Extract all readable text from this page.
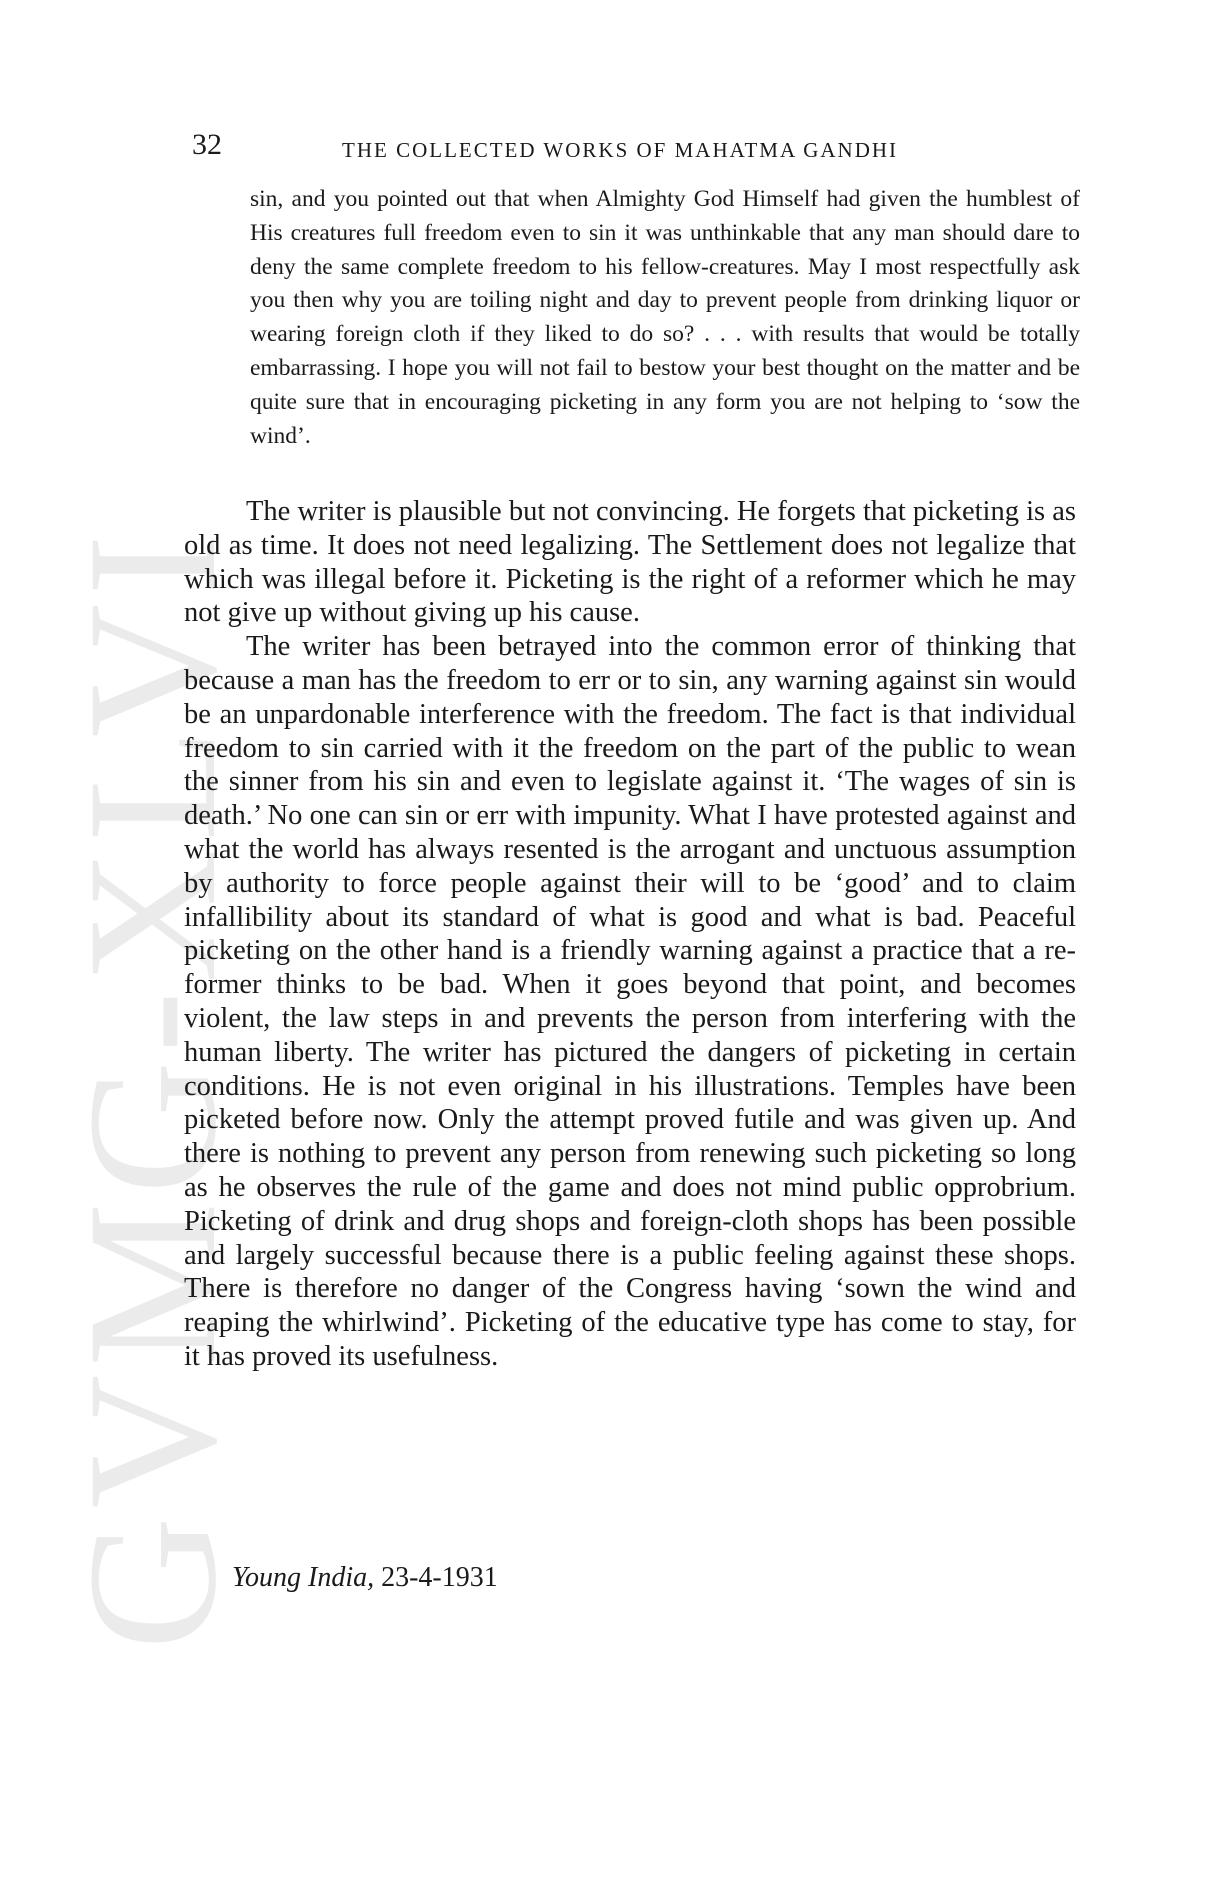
GVMG-XLVI
32	THE COLLECTED WORKS OF MAHATMA GANDHI

sin, and you pointed out that when Almighty God Himself had given the humblest of His creatures full freedom even to sin it was unthinkable that any man should dare to deny the same complete freedom to his fellow-creatures. May I most respectfully ask you then why you are toiling night and day to prevent people from drinking liquor or wearing foreign cloth if they liked to do so? . . . with results that would be totally embarrassing. I hope you will not fail to bestow your best thought on the matter and be quite sure that in encouraging picketing in any form you are not helping to ‘sow the wind’.

The writer is plausible but not convincing. He forgets that picketing is as old as time. It does not need legalizing. The Settlement does not legalize that which was illegal before it. Picketing is the right of a reformer which he may not give up without giving up his cause.

The writer has been betrayed into the common error of thinking that because a man has the freedom to err or to sin, any warning against sin would be an unpardonable interference with the freedom. The fact is that individual freedom to sin carried with it the freedom on the part of the public to wean the sinner from his sin and even to legislate against it. ‘The wages of sin is death.’ No one can sin or err with impunity. What I have protested against and what the world has always resented is the arrogant and unctuous assumption by authority to force people against their will to be ‘good’ and to claim infallibility about its standard of what is good and what is bad. Peaceful picketing on the other hand is a friendly warning against a practice that a reformer thinks to be bad. When it goes beyond that point, and becomes violent, the law steps in and prevents the person from interfering with the human liberty. The writer has pictured the dangers of picketing in certain conditions. He is not even original in his illustrations. Temples have been picketed before now. Only the attempt proved futile and was given up. And there is nothing to prevent any person from renewing such picketing so long as he observes the rule of the game and does not mind public opprobrium. Picketing of drink and drug shops and foreign-cloth shops has been possible and largely successful because there is a public feeling against these shops. There is therefore no danger of the Congress having ‘sown the wind and reaping the whirlwind’. Picketing of the educative type has come to stay, for it has proved its usefulness.

Young India, 23-4-1931
